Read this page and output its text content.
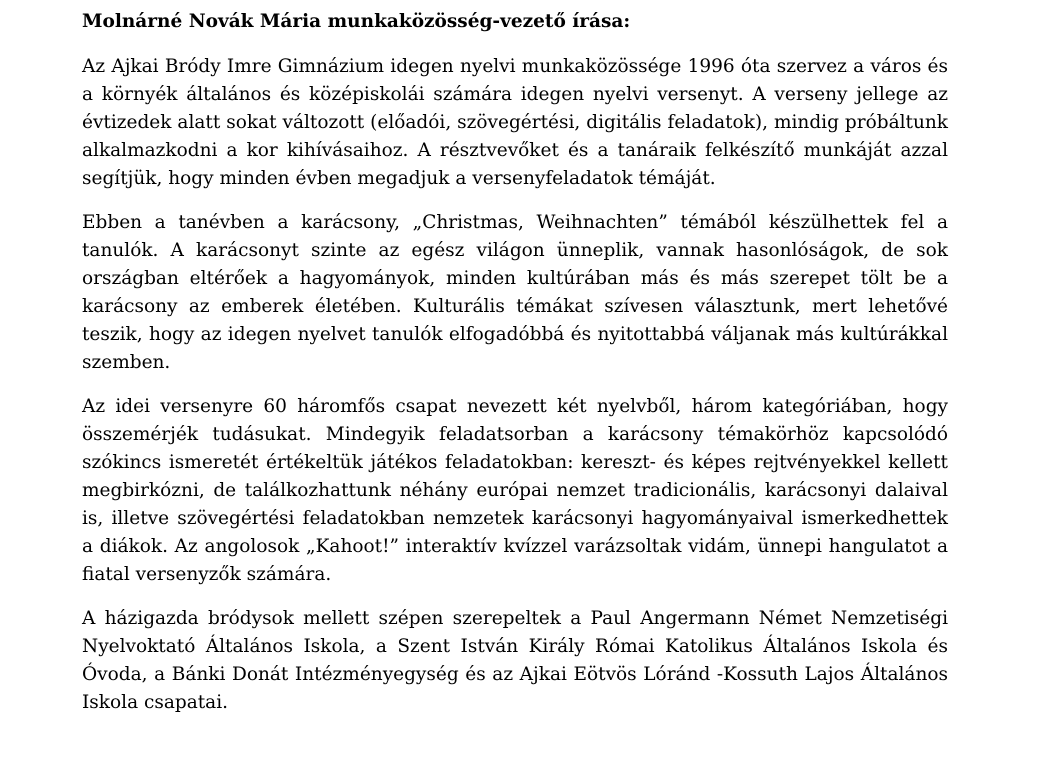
Molnárné Novák Mária munkaközösség-vezető írása:

Az Ajkai Bródy Imre Gimnázium idegen nyelvi munkaközössége 1996 óta szervez a város és a környék általános és középiskolái számára idegen nyelvi versenyt. A verseny jellege az évtizedek alatt sokat változott (előadói, szövegértési, digitális feladatok), mindig próbáltunk alkalmazkodni a kor kihívásaihoz. A résztvevőket és a tanáraik felkészítő munkáját azzal segítjük, hogy minden évben megadjuk a versenyfeladatok témáját.

Ebben a tanévben a karácsony, „Christmas, Weihnachten” témából készülhettek fel a tanulók. A karácsonyt szinte az egész világon ünneplik, vannak hasonlóságok, de sok országban eltérőek a hagyományok, minden kultúrában más és más szerepet tölt be a karácsony az emberek életében. Kulturális témákat szívesen választunk, mert lehetővé teszik, hogy az idegen nyelvet tanulók elfogadóbbá és nyitottabbá váljanak más kultúrákkal szemben.

Az idei versenyre 60 háromfős csapat nevezett két nyelvből, három kategóriában, hogy összemérjék tudásukat. Mindegyik feladatsorban a karácsony témakörhöz kapcsolódó szókincs ismeretét értékeltük játékos feladatokban: kereszt- és képes rejtvényekkel kellett megbirkózni, de találkozhattunk néhány európai nemzet tradicionális, karácsonyi dalaival is, illetve szövegértési feladatokban nemzetek karácsonyi hagyományaival ismerkedhettek a diákok. Az angolosok „Kahoot!” interaktív kvízzel varázsoltak vidám, ünnepi hangulatot a fiatal versenyzők számára.

A házigazda bródysok mellett szépen szerepeltek a Paul Angermann Német Nemzetiségi Nyelvoktató Általános Iskola, a Szent István Király Római Katolikus Általános Iskola és Óvoda, a Bánki Donát Intézményegység és az Ajkai Eötvös Lóránd -Kossuth Lajos Általános Iskola csapatai.
